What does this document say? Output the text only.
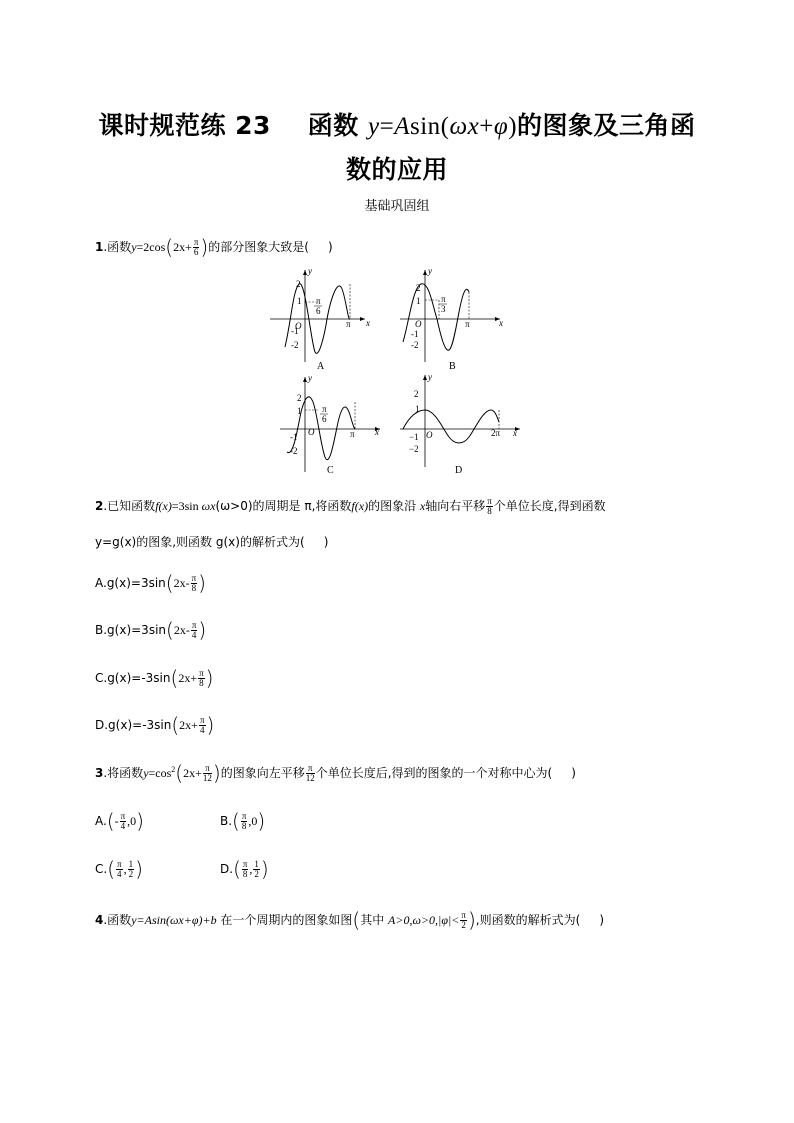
课时规范练 23 函数 y=Asin(ωx+φ)的图象及三角函
数的应用
基础巩固组
1.函数$y=2\cos(2x+ \frac{\pi}{6}$ )的部分图象大致是( )
y
x
O
2
1
-1
-2
π
6
π
A
y
x
O
2
1
-1
-2
π
3
π
B
y
x
O
2
1
-1
-2
π
6
π
C
y
x
O
2
1
−1
−2
2π
D
2.已知函数f(x)=3sin ωx(ω>0)的周期是 π,将函数f(x)的图象沿 x轴向右平移 $\frac{\pi}{8}$ 个单位长度,得到函数
y=g(x)的图象,则函数 g(x)的解析式为( )
$A.g(x)=3\sin(2x- \frac{\pi}{8}$ )
$B.g(x)=3\sin(2x- \frac{\pi}{4}$ )
$C.g(x)=-3\sin(2x+ \frac{\pi}{8}$ )
$D.g(x)=-3\sin(2x+ \frac{\pi}{4}$ )
3.将函数$y=\cos^2(2x+ \frac{\pi}{12}$ )的图象向左平移 $\frac{\pi}{12}$ 个单位长度后,得到的图象的一个对称中心为( )
$A.(- \frac{\pi}{4} ,0)$	$B.( \frac{\pi}{8} ,0)$
$C.( \frac{\pi}{4}$ , $\frac{1}{2}$ )	$D.( \frac{\pi}{8}$ , $\frac{1}{2}$ )
4.函数y=Asin(ωx+φ)+b 在一个周期内的图象如图(其中 $A>0,\omega>0,|\varphi|< \frac{\pi}{2}$ ),则函数的解析式为( )
